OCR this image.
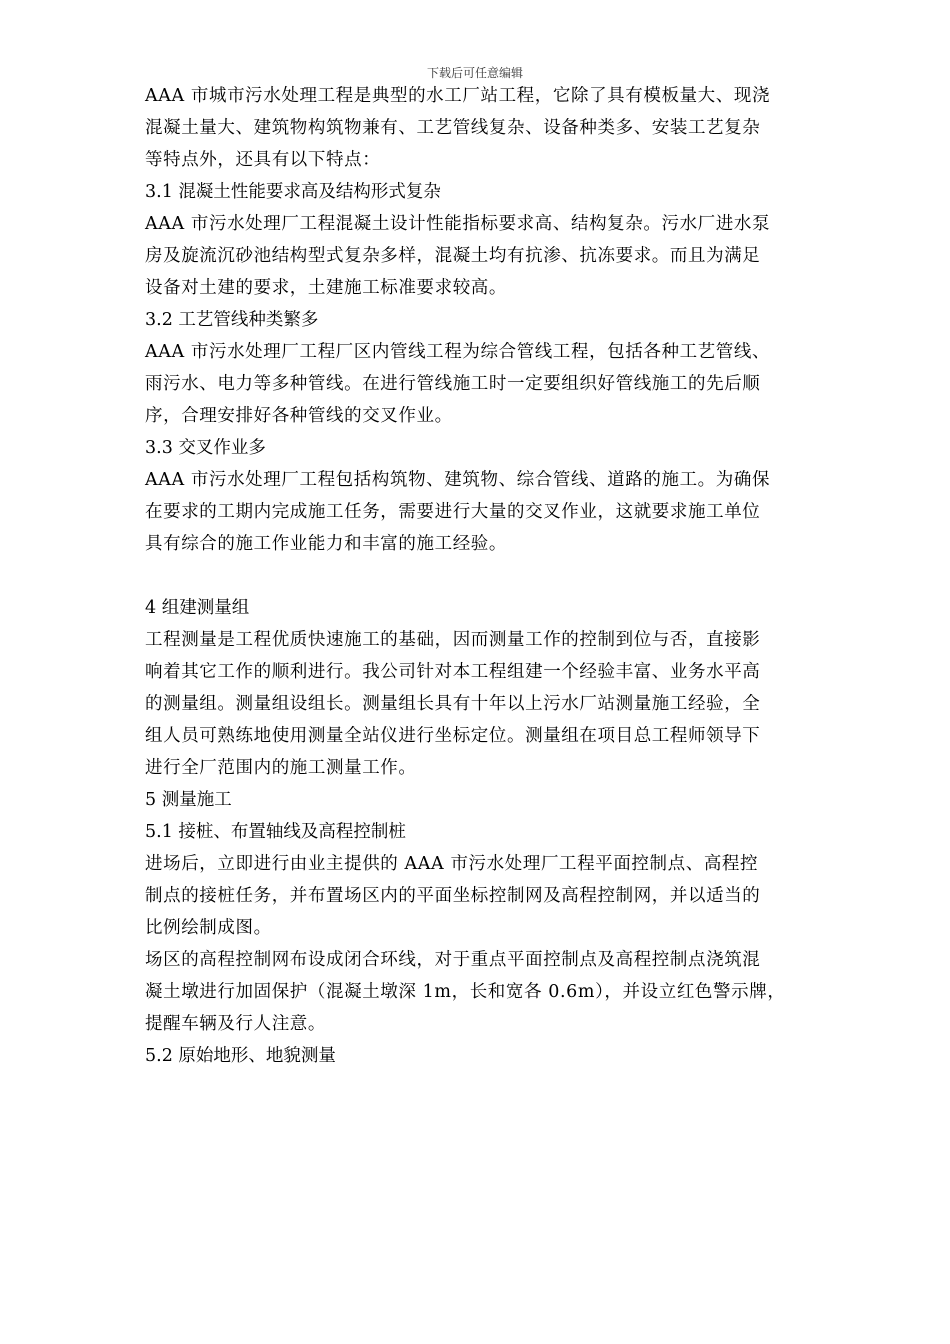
下载后可任意编辑
AAA 市城市污水处理工程是典型的水工厂站工程，它除了具有模板量大、现浇
混凝土量大、建筑物构筑物兼有、工艺管线复杂、设备种类多、安装工艺复杂
等特点外，还具有以下特点：
3.1 混凝土性能要求高及结构形式复杂
AAA 市污水处理厂工程混凝土设计性能指标要求高、结构复杂。污水厂进水泵
房及旋流沉砂池结构型式复杂多样，混凝土均有抗渗、抗冻要求。而且为满足
设备对土建的要求，土建施工标准要求较高。
3.2 工艺管线种类繁多
AAA 市污水处理厂工程厂区内管线工程为综合管线工程，包括各种工艺管线、
雨污水、电力等多种管线。在进行管线施工时一定要组织好管线施工的先后顺
序，合理安排好各种管线的交叉作业。
3.3 交叉作业多
AAA 市污水处理厂工程包括构筑物、建筑物、综合管线、道路的施工。为确保
在要求的工期内完成施工任务，需要进行大量的交叉作业，这就要求施工单位
具有综合的施工作业能力和丰富的施工经验。
4 组建测量组
工程测量是工程优质快速施工的基础，因而测量工作的控制到位与否，直接影
响着其它工作的顺利进行。我公司针对本工程组建一个经验丰富、业务水平高
的测量组。测量组设组长。测量组长具有十年以上污水厂站测量施工经验，全
组人员可熟练地使用测量全站仪进行坐标定位。测量组在项目总工程师领导下
进行全厂范围内的施工测量工作。
5 测量施工
5.1 接桩、布置轴线及高程控制桩
进场后，立即进行由业主提供的 AAA 市污水处理厂工程平面控制点、高程控
制点的接桩任务，并布置场区内的平面坐标控制网及高程控制网，并以适当的
比例绘制成图。
场区的高程控制网布设成闭合环线，对于重点平面控制点及高程控制点浇筑混
凝土墩进行加固保护（混凝土墩深 1m，长和宽各 0.6m），并设立红色警示牌，
提醒车辆及行人注意。
5.2 原始地形、地貌测量
